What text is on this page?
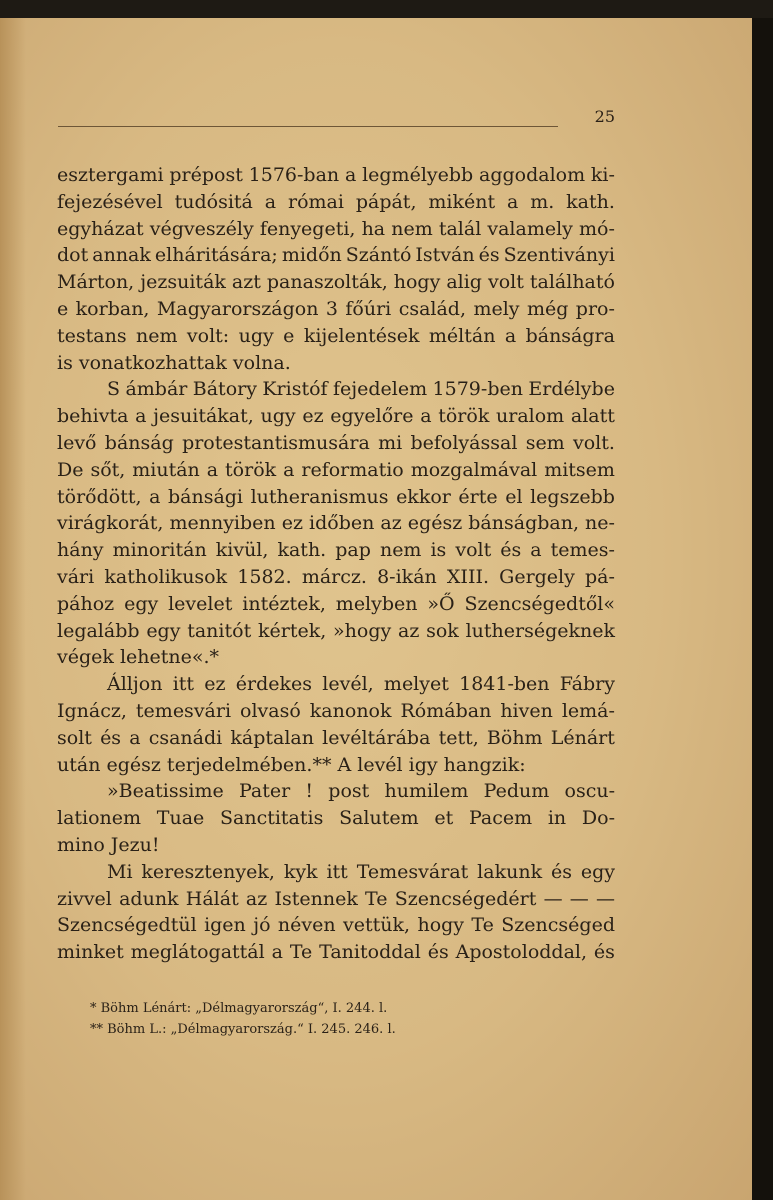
25
esztergami prépost 1576-ban a legmélyebb aggodalom ki-
fejezésével tudósitá a római pápát, miként a m. kath.
egyházat végveszély fenyegeti, ha nem talál valamely mó-
dot annak elháritására; midőn Szántó István és Szentiványi
Márton, jezsuiták azt panaszolták, hogy alig volt található
e korban, Magyarországon 3 főúri család, mely még pro-
testans nem volt: ugy e kijelentések méltán a bánságra
is vonatkozhattak volna.
S ámbár Bátory Kristóf fejedelem 1579-ben Erdélybe
behivta a jesuitákat, ugy ez egyelőre a török uralom alatt
levő bánság protestantismusára mi befolyással sem volt.
De sőt, miután a török a reformatio mozgalmával mitsem
törődött, a bánsági lutheranismus ekkor érte el legszebb
virágkorát, mennyiben ez időben az egész bánságban, ne-
hány minoritán kivül, kath. pap nem is volt és a temes-
vári katholikusok 1582. márcz. 8-ikán XIII. Gergely pá-
pához egy levelet intéztek, melyben »Ő Szencségedtől«
legalább egy tanitót kértek, »hogy az sok lutherségeknek
végek lehetne«.*
Álljon itt ez érdekes levél, melyet 1841-ben Fábry
Ignácz, temesvári olvasó kanonok Rómában hiven lemá-
solt és a csanádi káptalan levéltárába tett, Böhm Lénárt
után egész terjedelmében.** A levél igy hangzik:
»Beatissime Pater ! post humilem Pedum oscu-
lationem Tuae Sanctitatis Salutem et Pacem in Do-
mino Jezu!
Mi keresztenyek, kyk itt Temesvárat lakunk és egy
zivvel adunk Hálát az Istennek Te Szencségedért — — —
Szencségedtül igen jó néven vettük, hogy Te Szencséged
minket meglátogattál a Te Tanitoddal és Apostoloddal, és
* Böhm Lénárt: „Délmagyarország“, I. 244. l.
** Böhm L.: „Délmagyarország.“ I. 245. 246. l.
